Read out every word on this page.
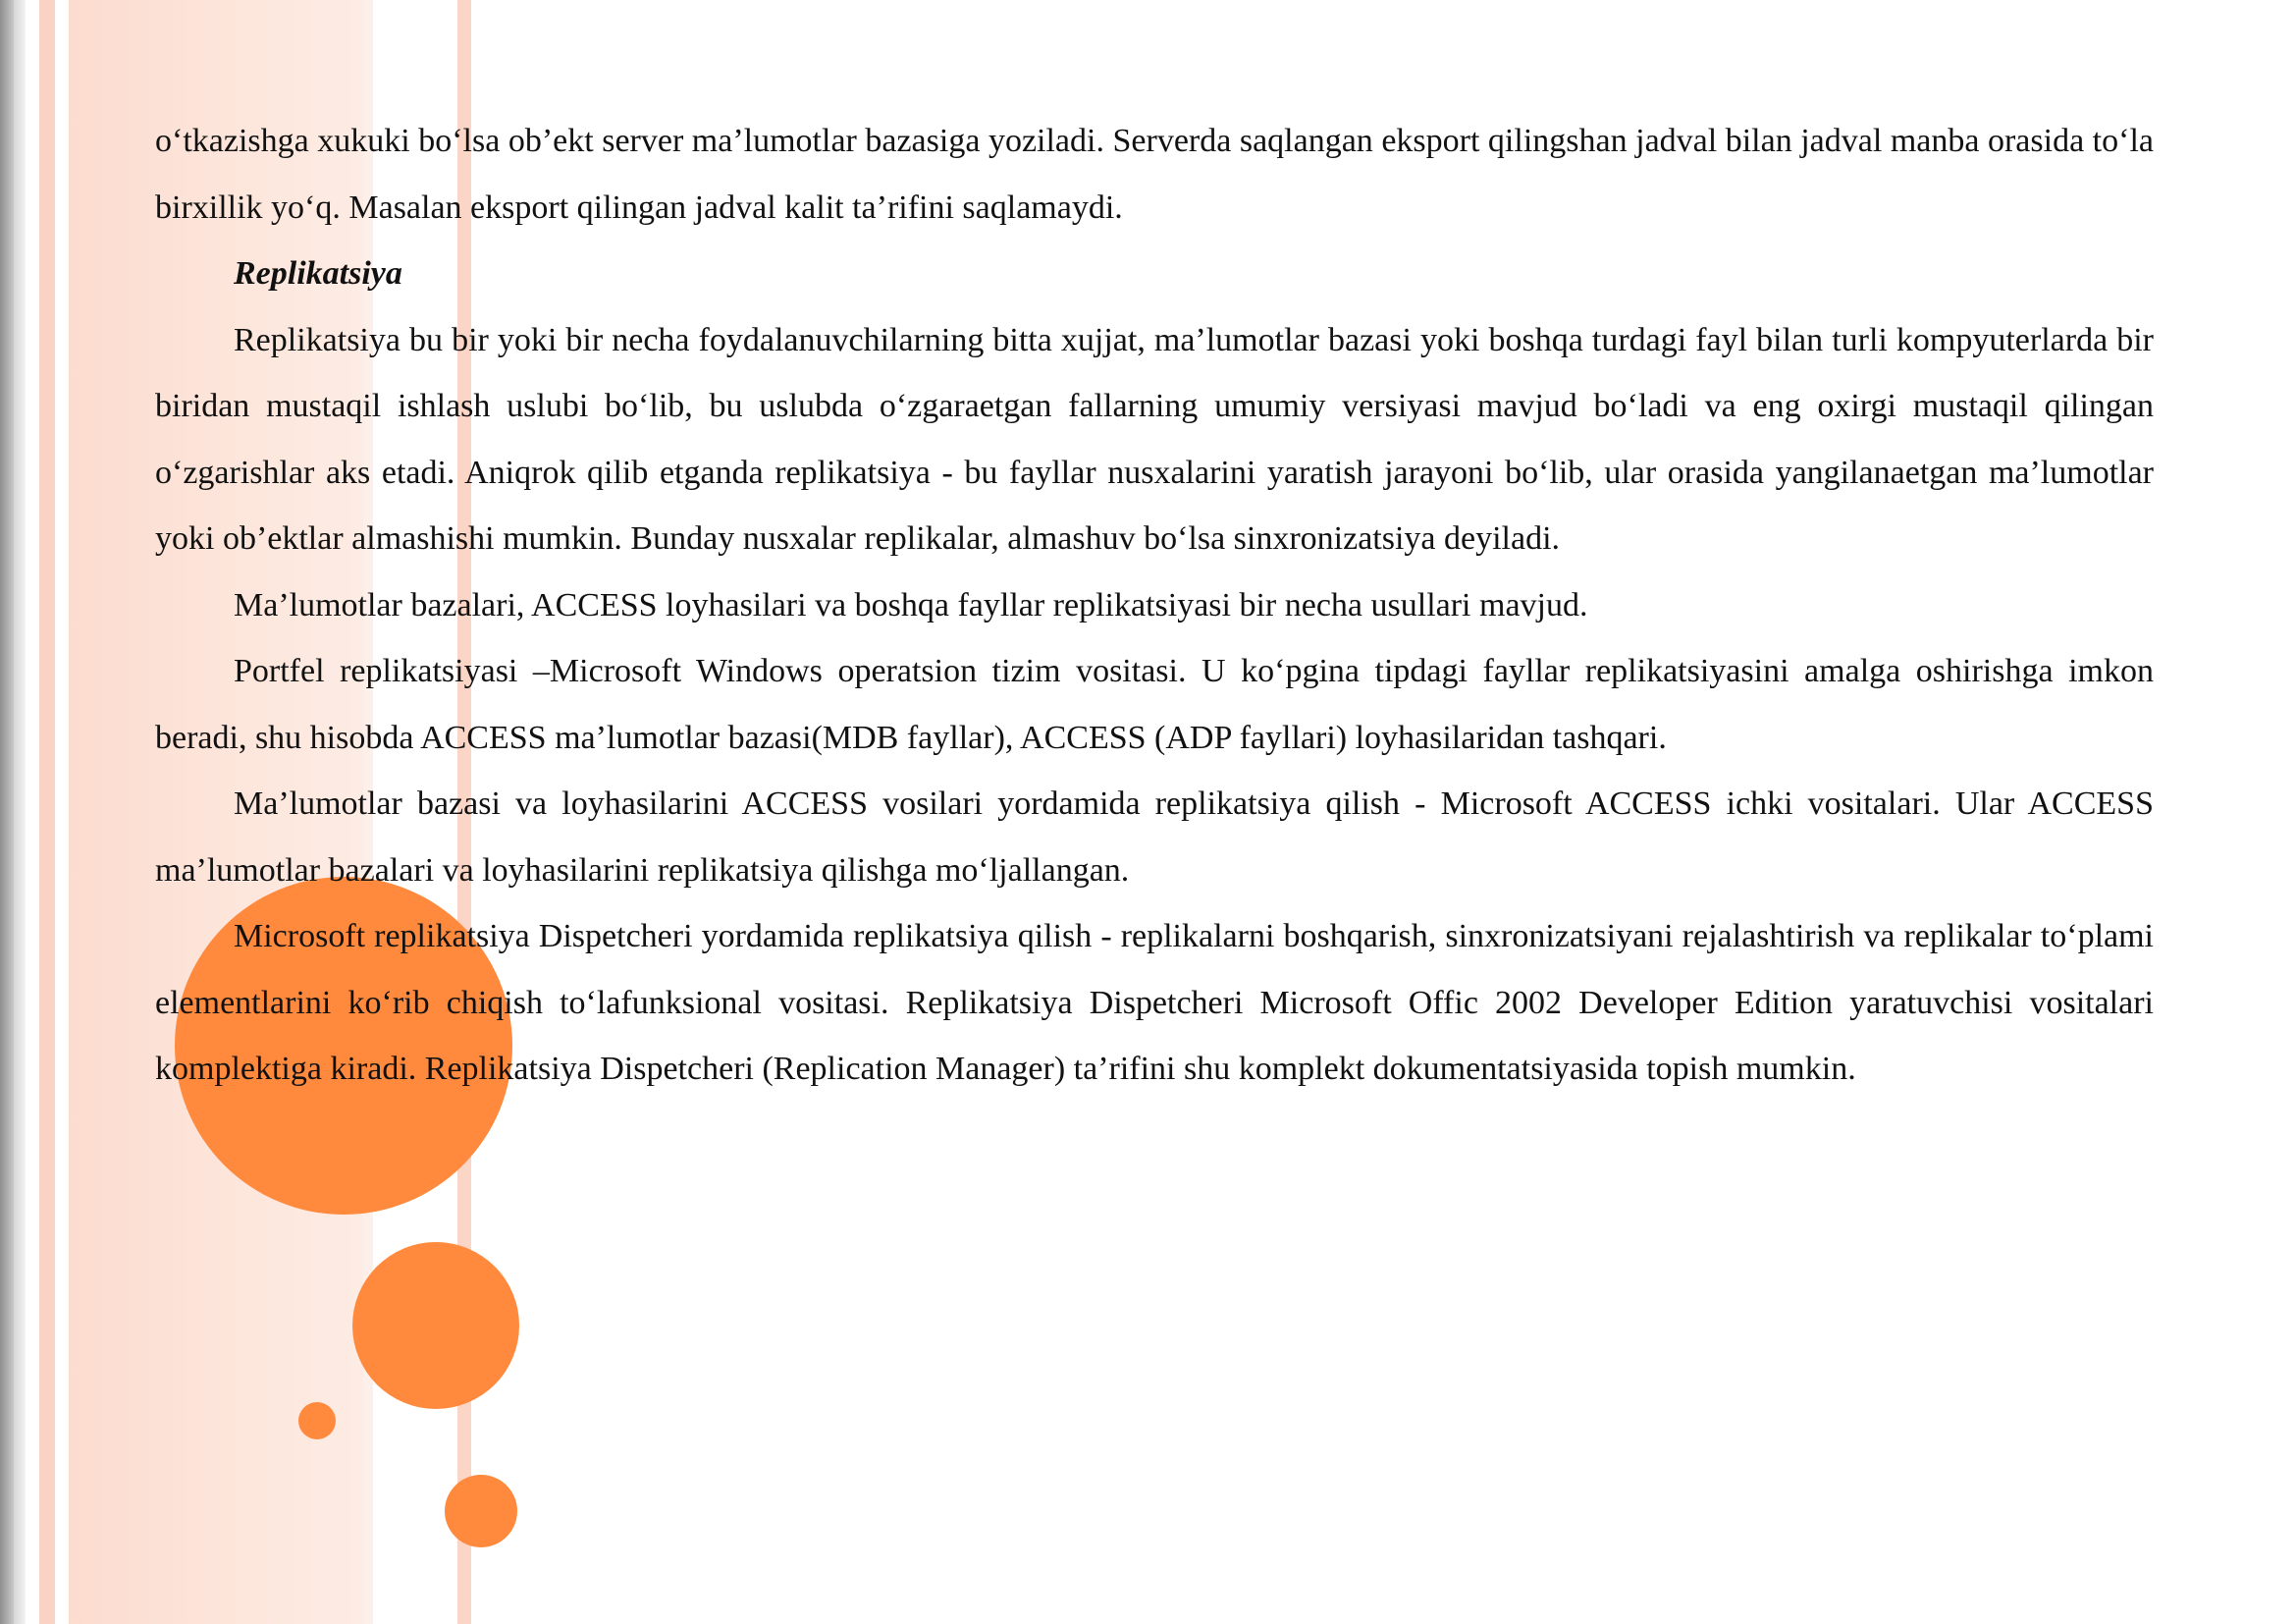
o‘tkazishga xukuki bo‘lsa ob’ekt server ma’lumotlar bazasiga yoziladi. Serverda saqlangan eksport qilingshan jadval bilan jadval manba orasida to‘la birxillik yo‘q. Masalan eksport qilingan jadval kalit ta’rifini saqlamaydi.

Replikatsiya

Replikatsiya bu bir yoki bir necha foydalanuvchilarning bitta xujjat, ma’lumotlar bazasi yoki boshqa turdagi fayl bilan turli kompyuterlarda bir biridan mustaqil ishlash uslubi bo‘lib, bu uslubda o‘zgaraetgan fallarning umumiy versiyasi mavjud bo‘ladi va eng oxirgi mustaqil qilingan o‘zgarishlar aks etadi. Aniqrok qilib etganda replikatsiya - bu fayllar nusxalarini yaratish jarayoni bo‘lib, ular orasida yangilanaetgan ma’lumotlar yoki ob’ektlar almashishi mumkin. Bunday nusxalar replikalar, almashuv bo‘lsa sinxronizatsiya deyiladi.

Ma’lumotlar bazalari, ACCESS loyhasilari va boshqa fayllar replikatsiyasi bir necha usullari mavjud.

Portfel replikatsiyasi –Microsoft Windows operatsion tizim vositasi. U ko‘pgina tipdagi fayllar replikatsiyasini amalga oshirishga imkon beradi, shu hisobda ACCESS ma’lumotlar bazasi(MDB fayllar), ACCESS (ADP fayllari) loyhasilaridan tashqari.

Ma’lumotlar bazasi va loyhasilarini ACCESS vosilari yordamida replikatsiya qilish - Microsoft ACCESS ichki vositalari. Ular ACCESS ma’lumotlar bazalari va loyhasilarini replikatsiya qilishga mo‘ljallangan.

Microsoft replikatsiya Dispetcheri yordamida replikatsiya qilish - replikalarni boshqarish, sinxronizatsiyani rejalashtirish va replikalar to‘plami elementlarini ko‘rib chiqish to‘lafunksional vositasi. Replikatsiya Dispetcheri Microsoft Offic 2002 Developer Edition yaratuvchisi vositalari komplektiga kiradi. Replikatsiya Dispetcheri (Replication Manager) ta’rifini shu komplekt dokumentatsiyasida topish mumkin.
